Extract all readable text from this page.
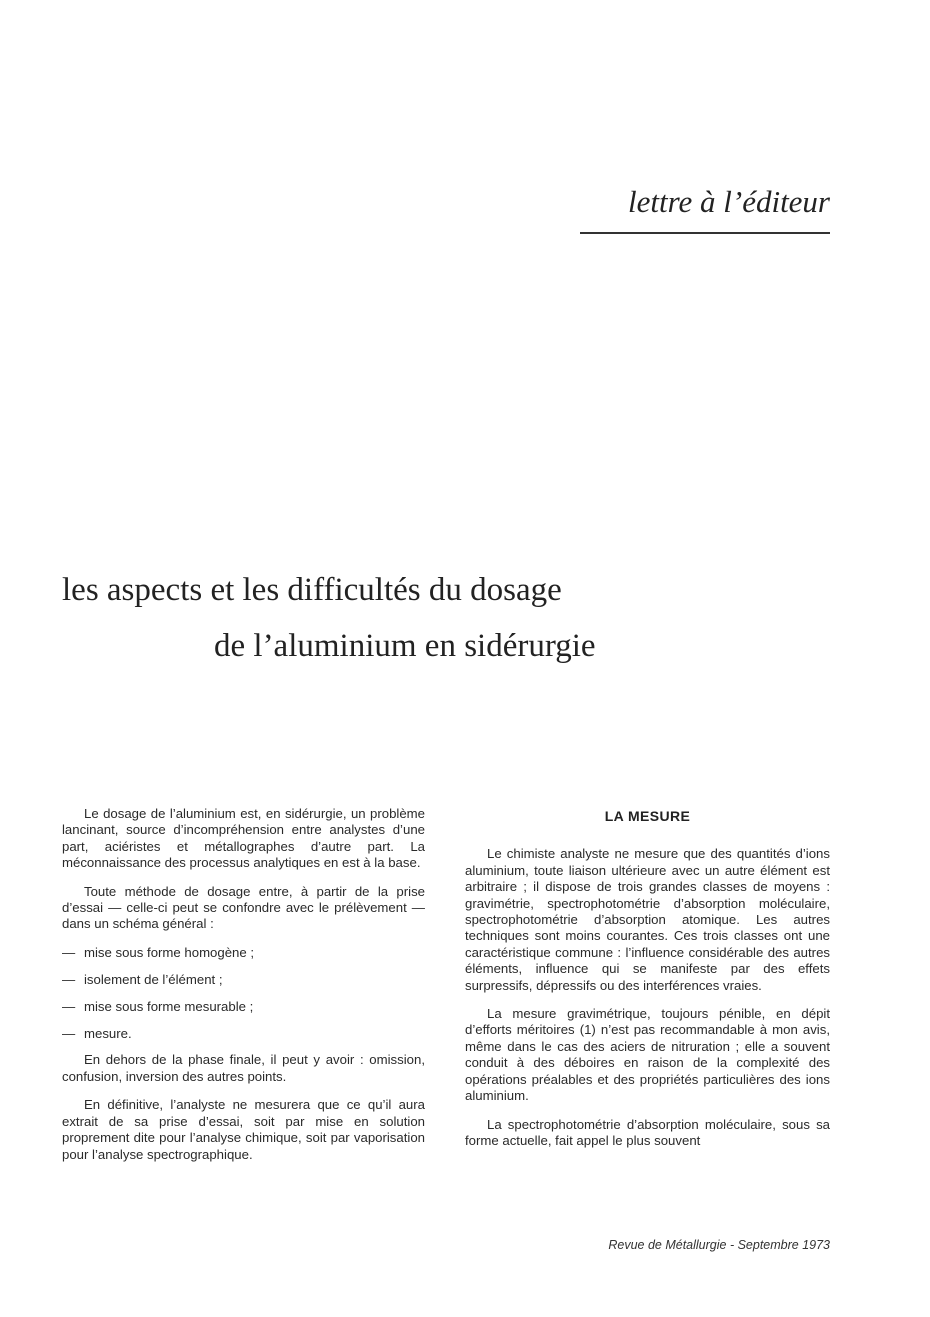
lettre à l’éditeur
les aspects et les difficultés du dosage
de l’aluminium en sidérurgie

Le dosage de l’aluminium est, en sidérurgie, un problème lancinant, source d’incompréhension entre analystes d’une part, aciéristes et métallographes d’autre part. La méconnaissance des processus analytiques en est à la base.

Toute méthode de dosage entre, à partir de la prise d’essai — celle-ci peut se confondre avec le prélèvement — dans un schéma général :

— mise sous forme homogène ;
— isolement de l’élément ;
— mise sous forme mesurable ;
— mesure.

En dehors de la phase finale, il peut y avoir : omission, confusion, inversion des autres points.

En définitive, l’analyste ne mesurera que ce qu’il aura extrait de sa prise d’essai, soit par mise en solution proprement dite pour l’analyse chimique, soit par vaporisation pour l’analyse spectrographique.

LA MESURE

Le chimiste analyste ne mesure que des quantités d’ions aluminium, toute liaison ultérieure avec un autre élément est arbitraire ; il dispose de trois grandes classes de moyens : gravimétrie, spectrophotométrie d’absorption moléculaire, spectrophotométrie d’absorption atomique. Les autres techniques sont moins courantes. Ces trois classes ont une caractéristique commune : l’influence considérable des autres éléments, influence qui se manifeste par des effets surpressifs, dépressifs ou des interférences vraies.

La mesure gravimétrique, toujours pénible, en dépit d’efforts méritoires (1) n’est pas recommandable à mon avis, même dans le cas des aciers de nitruration ; elle a souvent conduit à des déboires en raison de la complexité des opérations préalables et des propriétés particulières des ions aluminium.

La spectrophotométrie d’absorption moléculaire, sous sa forme actuelle, fait appel le plus souvent

Revue de Métallurgie - Septembre 1973
